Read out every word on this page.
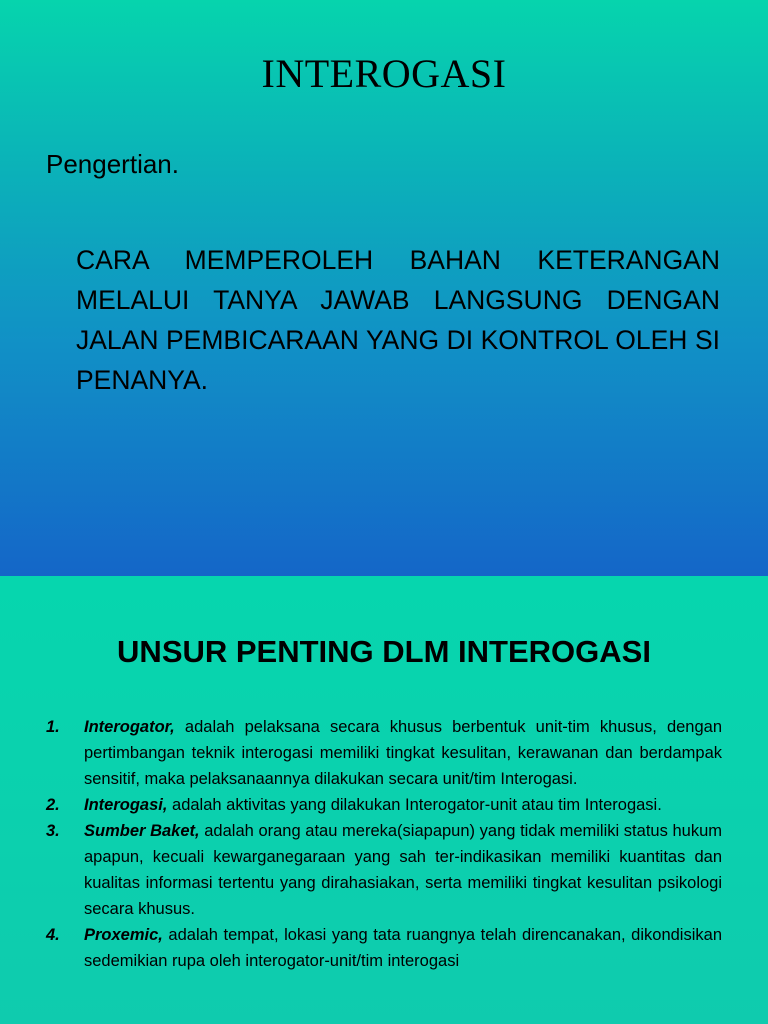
INTEROGASI
Pengertian.
CARA MEMPEROLEH BAHAN KETERANGAN MELALUI TANYA JAWAB LANGSUNG DENGAN JALAN PEMBICARAAN YANG DI KONTROL OLEH SI PENANYA.
UNSUR PENTING DLM INTEROGASI
1. Interogator, adalah pelaksana secara khusus berbentuk unit-tim khusus, dengan pertimbangan teknik interogasi memiliki tingkat kesulitan, kerawanan dan berdampak sensitif, maka pelaksanaannya dilakukan secara unit/tim Interogasi.
2. Interogasi, adalah aktivitas yang dilakukan Interogator-unit atau tim Interogasi.
3. Sumber Baket, adalah orang atau mereka(siapapun) yang tidak memiliki status hukum apapun, kecuali kewarganegaraan yang sah ter-indikasikan memiliki kuantitas dan kualitas informasi tertentu yang dirahasiakan, serta memiliki tingkat kesulitan psikologi secara khusus.
4. Proxemic, adalah tempat, lokasi yang tata ruangnya telah direncanakan, dikondisikan sedemikian rupa oleh interogator-unit/tim interogasi
